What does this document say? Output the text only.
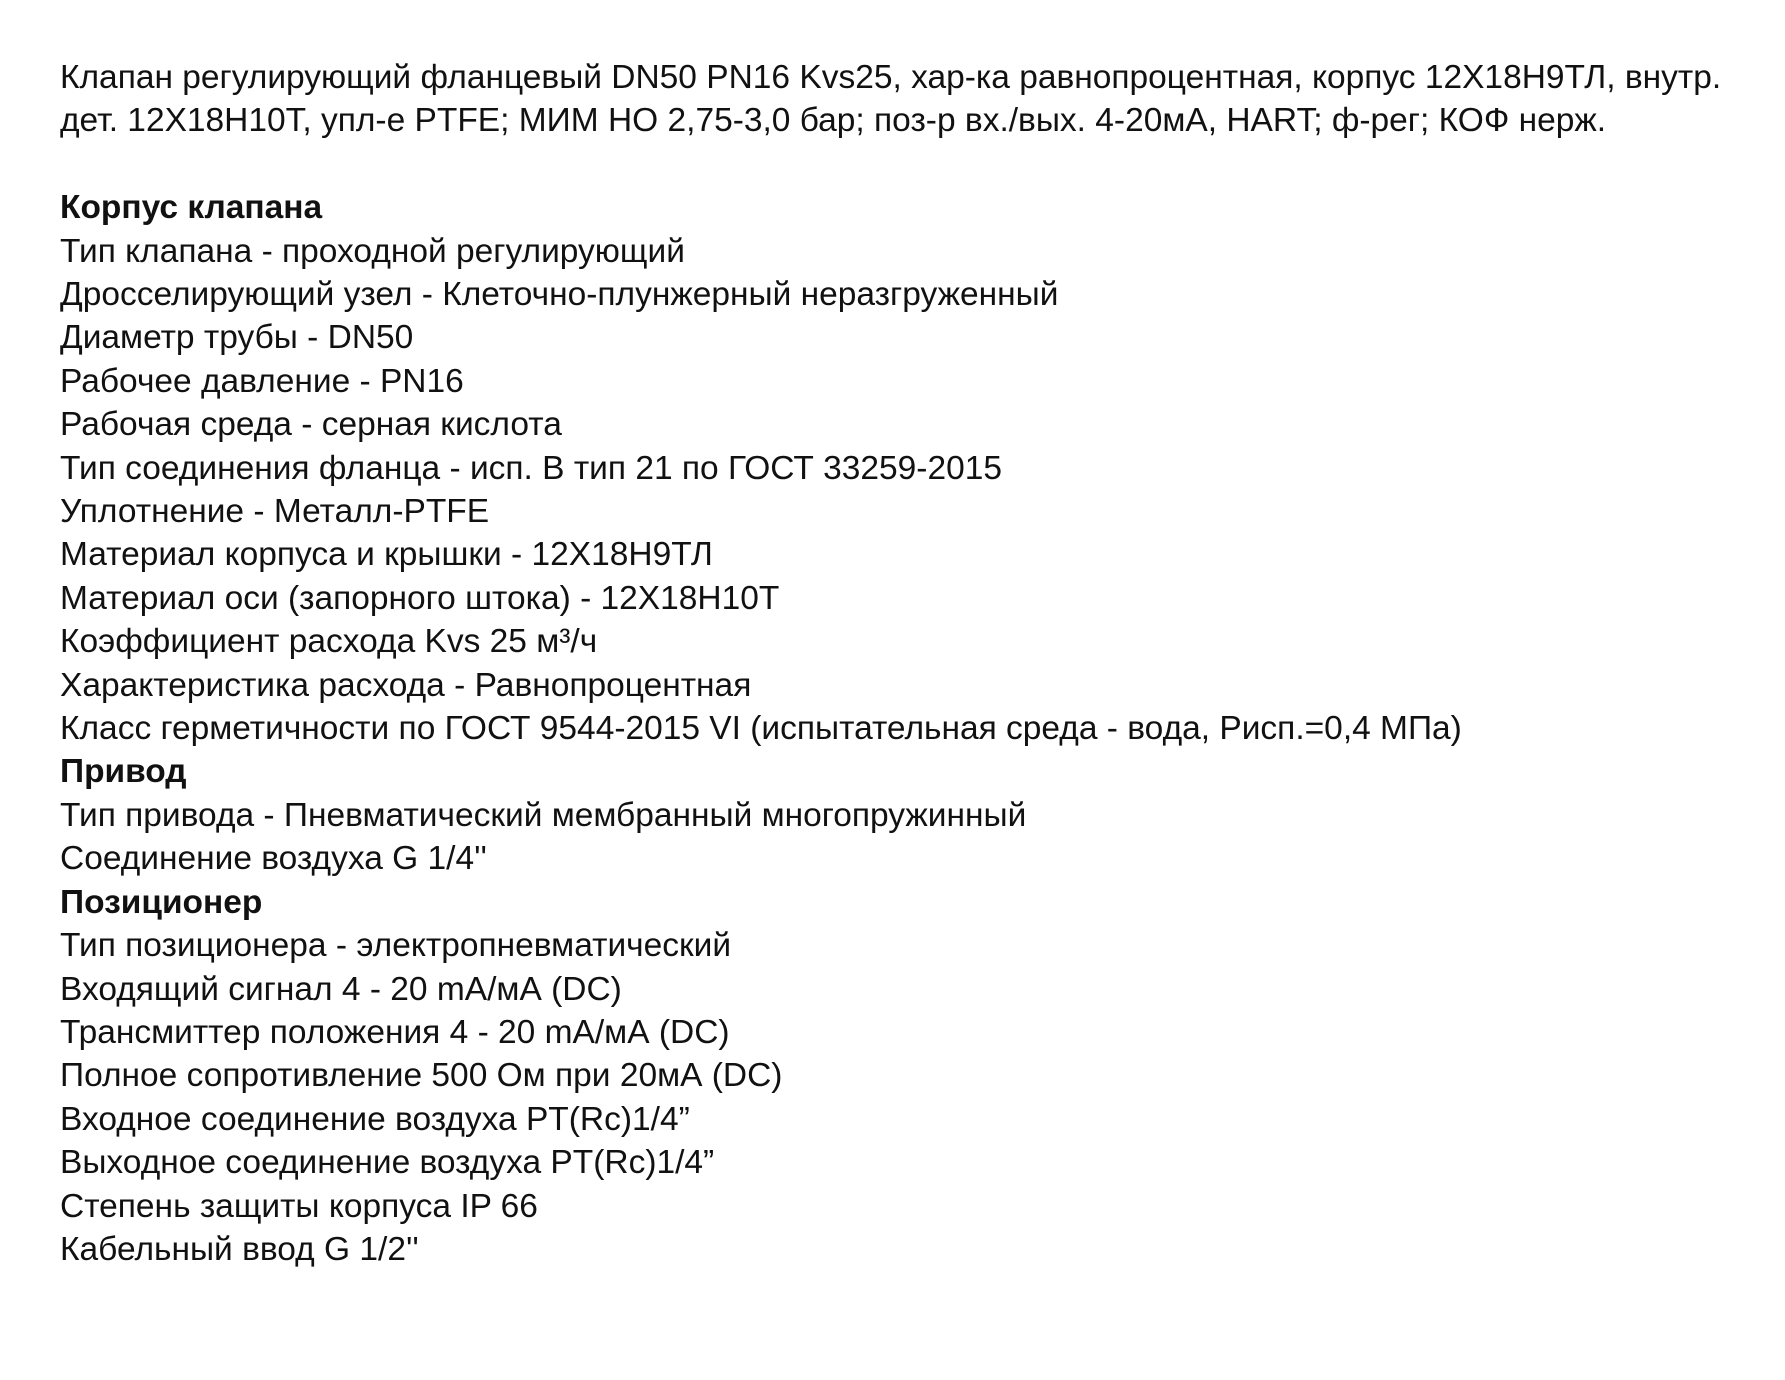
Клапан регулирующий фланцевый DN50 PN16 Kvs25, хар-ка равнопроцентная, корпус 12Х18Н9ТЛ, внутр. дет. 12Х18Н10Т, упл-е PTFE; МИМ НО 2,75-3,0 бар; поз-р вх./вых. 4-20мА, HART; ф-рег; КОФ нерж.

Корпус клапана

Тип клапана - проходной регулирующий

Дросселирующий узел - Клеточно-плунжерный неразгруженный

Диаметр трубы - DN50

Рабочее давление - PN16

Рабочая среда - серная кислота

Тип соединения фланца - исп. В тип 21 по ГОСТ 33259-2015

Уплотнение - Металл-PTFE

Материал корпуса и крышки - 12Х18Н9ТЛ

Материал оси (запорного штока) - 12Х18Н10Т

Коэффициент расхода Kvs 25 м³/ч

Характеристика расхода - Равнопроцентная

Класс герметичности по ГОСТ 9544-2015 VI (испытательная среда - вода, Рисп.=0,4 МПа)

Привод

Тип привода - Пневматический мембранный многопружинный

Соединение воздуха G 1/4''

Позиционер

Тип позиционера - электропневматический

Входящий сигнал 4 - 20 mA/мА (DC)

Трансмиттер положения 4 - 20 mA/мА (DC)

Полное сопротивление 500 Ом при 20мА (DC)

Входное соединение воздуха PT(Rc)1/4”

Выходное соединение воздуха PT(Rc)1/4”

Степень защиты корпуса IP 66

Кабельный ввод G 1/2''
